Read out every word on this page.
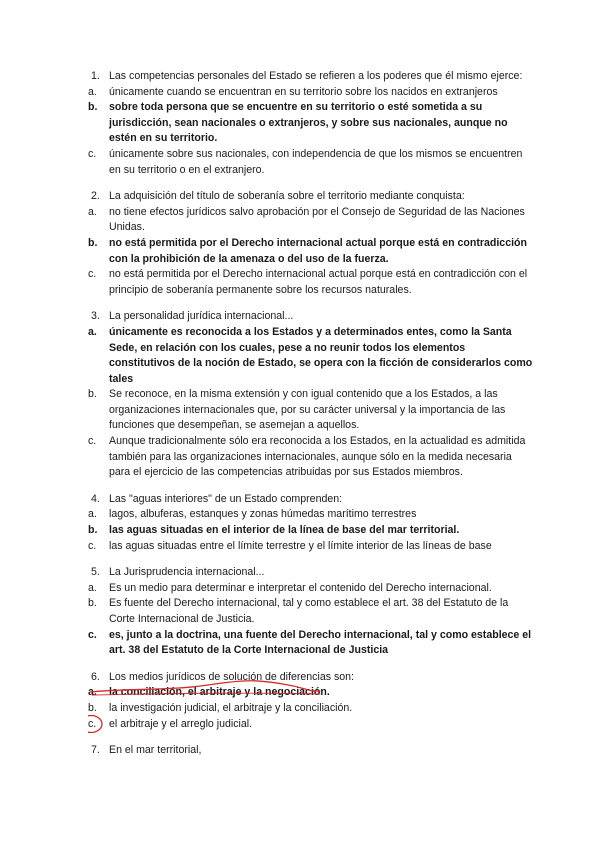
1. Las competencias personales del Estado se refieren a los poderes que él mismo ejerce:
a. únicamente cuando se encuentran en su territorio sobre los nacidos en extranjeros
b. sobre toda persona que se encuentre en su territorio o esté sometida a su jurisdicción, sean nacionales o extranjeros, y sobre sus nacionales, aunque no estén en su territorio.
c. únicamente sobre sus nacionales, con independencia de que los mismos se encuentren en su territorio o en el extranjero.
2. La adquisición del título de soberanía sobre el territorio mediante conquista:
a. no tiene efectos jurídicos salvo aprobación por el Consejo de Seguridad de las Naciones Unidas.
b. no está permitida por el Derecho internacional actual porque está en contradicción con la prohibición de la amenaza o del uso de la fuerza.
c. no está permitida por el Derecho internacional actual porque está en contradicción con el principio de soberanía permanente sobre los recursos naturales.
3. La personalidad jurídica internacional...
a. únicamente es reconocida a los Estados y a determinados entes, como la Santa Sede, en relación con los cuales, pese a no reunir todos los elementos constitutivos de la noción de Estado, se opera con la ficción de considerarlos como tales
b. Se reconoce, en la misma extensión y con igual contenido que a los Estados, a las organizaciones internacionales que, por su carácter universal y la importancia de las funciones que desempeñan, se asemejan a aquellos.
c. Aunque tradicionalmente sólo era reconocida a los Estados, en la actualidad es admitida también para las organizaciones internacionales, aunque sólo en la medida necesaria para el ejercicio de las competencias atribuidas por sus Estados miembros.
4. Las "aguas interiores" de un Estado comprenden:
a. lagos, albuferas, estanques y zonas húmedas marítimo terrestres
b. las aguas situadas en el interior de la línea de base del mar territorial.
c. las aguas situadas entre el límite terrestre y el límite interior de las líneas de base
5. La Jurisprudencia internacional...
a. Es un medio para determinar e interpretar el contenido del Derecho internacional.
b. Es fuente del Derecho internacional, tal y como establece el art. 38 del Estatuto de la Corte Internacional de Justicia.
c. es, junto a la doctrina, una fuente del Derecho internacional, tal y como establece el art. 38 del Estatuto de la Corte Internacional de Justicia
6. Los medios jurídicos de solución de diferencias son:
a. la conciliación, el arbitraje y la negociación.
b. la investigación judicial, el arbitraje y la conciliación.
c. el arbitraje y el arreglo judicial.
7. En el mar territorial,
